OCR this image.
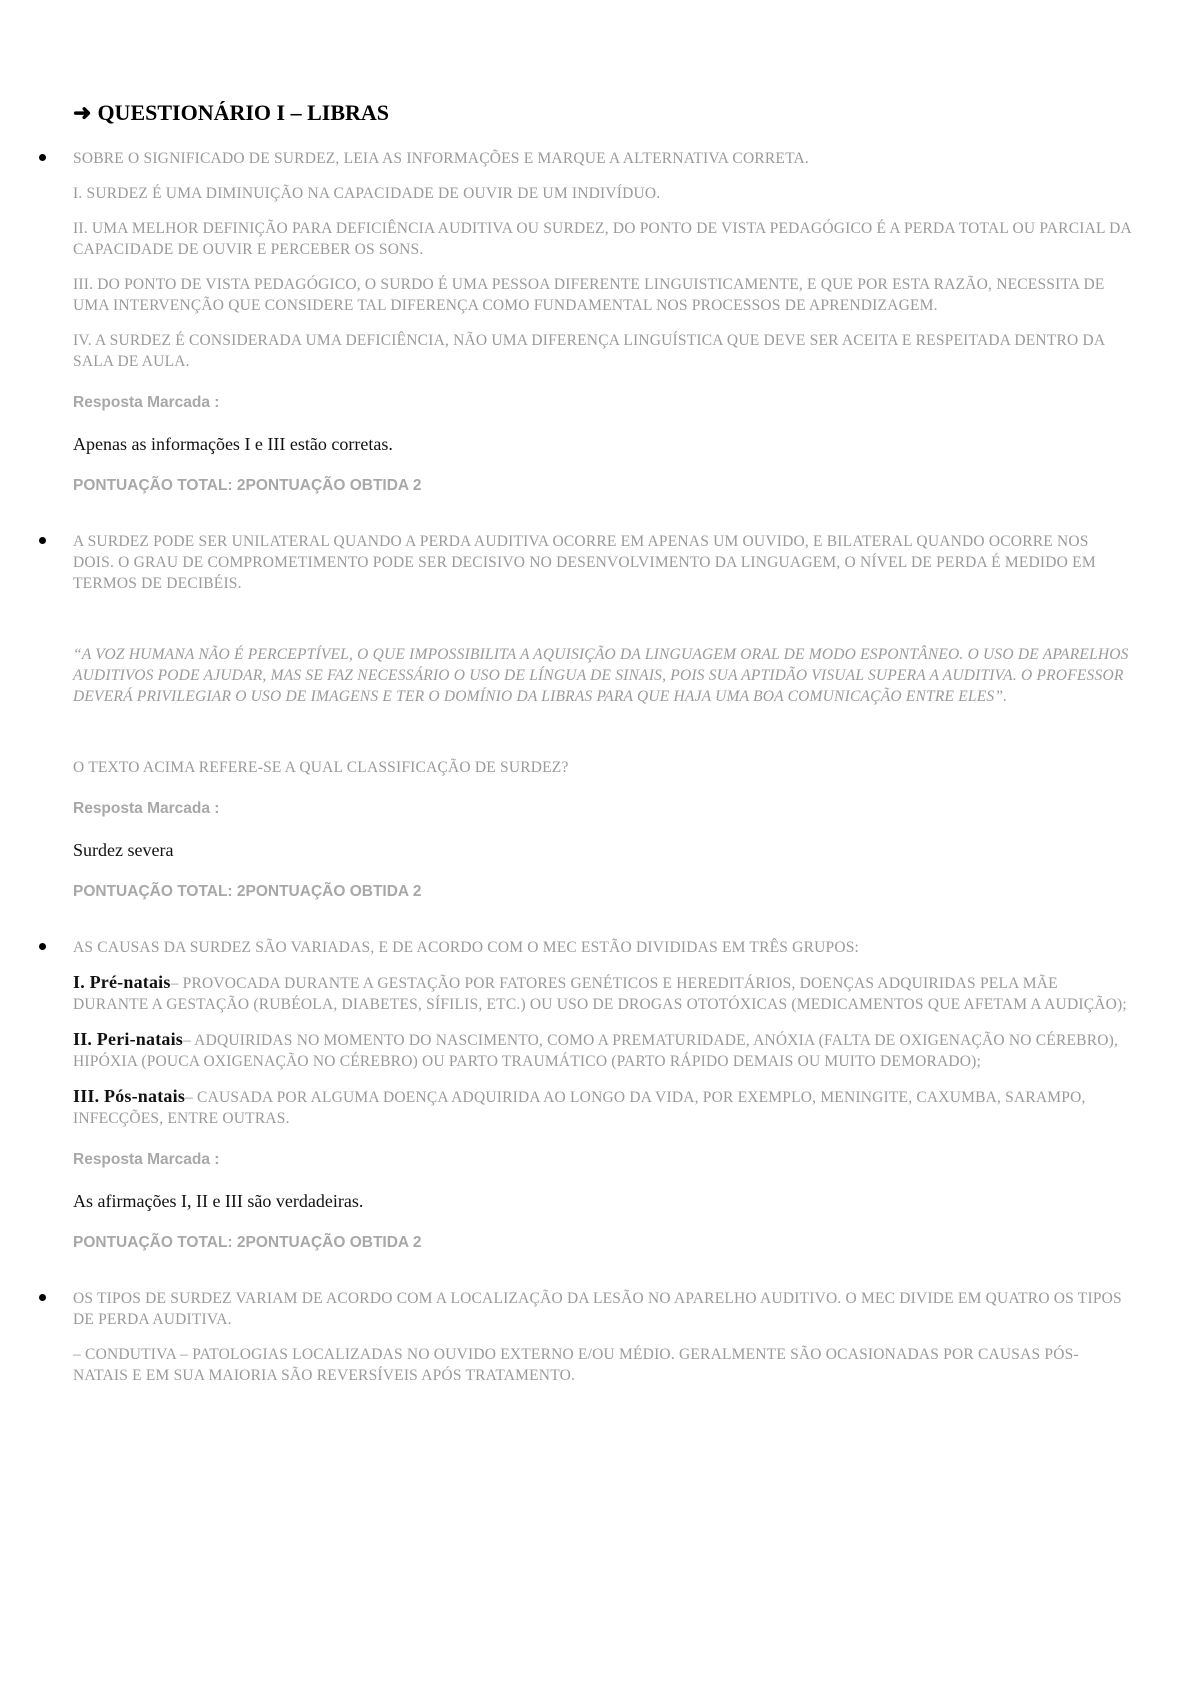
➜ QUESTIONÁRIO I – LIBRAS

SOBRE O SIGNIFICADO DE SURDEZ, LEIA AS INFORMAÇÕES E MARQUE A ALTERNATIVA CORRETA.

I. SURDEZ É UMA DIMINUIÇÃO NA CAPACIDADE DE OUVIR DE UM INDIVÍDUO.

II. UMA MELHOR DEFINIÇÃO PARA DEFICIÊNCIA AUDITIVA OU SURDEZ, DO PONTO DE VISTA PEDAGÓGICO É A PERDA TOTAL OU PARCIAL DA CAPACIDADE DE OUVIR E PERCEBER OS SONS.

III. DO PONTO DE VISTA PEDAGÓGICO, O SURDO É UMA PESSOA DIFERENTE LINGUISTICAMENTE, E QUE POR ESTA RAZÃO, NECESSITA DE UMA INTERVENÇÃO QUE CONSIDERE TAL DIFERENÇA COMO FUNDAMENTAL NOS PROCESSOS DE APRENDIZAGEM.

IV. A SURDEZ É CONSIDERADA UMA DEFICIÊNCIA, NÃO UMA DIFERENÇA LINGUÍSTICA QUE DEVE SER ACEITA E RESPEITADA DENTRO DA SALA DE AULA.

Resposta Marcada :
Apenas as informações I e III estão corretas.
PONTUAÇÃO TOTAL: 2PONTUAÇÃO OBTIDA 2

A SURDEZ PODE SER UNILATERAL QUANDO A PERDA AUDITIVA OCORRE EM APENAS UM OUVIDO, E BILATERAL QUANDO OCORRE NOS DOIS. O GRAU DE COMPROMETIMENTO PODE SER DECISIVO NO DESENVOLVIMENTO DA LINGUAGEM, O NÍVEL DE PERDA É MEDIDO EM TERMOS DE DECIBÉIS.

“A VOZ HUMANA NÃO É PERCEPTÍVEL, O QUE IMPOSSIBILITA A AQUISIÇÃO DA LINGUAGEM ORAL DE MODO ESPONTÂNEO. O USO DE APARELHOS AUDITIVOS PODE AJUDAR, MAS SE FAZ NECESSÁRIO O USO DE LÍNGUA DE SINAIS, POIS SUA APTIDÃO VISUAL SUPERA A AUDITIVA. O PROFESSOR DEVERÁ PRIVILEGIAR O USO DE IMAGENS E TER O DOMÍNIO DA LIBRAS PARA QUE HAJA UMA BOA COMUNICAÇÃO ENTRE ELES”.

O TEXTO ACIMA REFERE-SE A QUAL CLASSIFICAÇÃO DE SURDEZ?

Resposta Marcada :
Surdez severa
PONTUAÇÃO TOTAL: 2PONTUAÇÃO OBTIDA 2

AS CAUSAS DA SURDEZ SÃO VARIADAS, E DE ACORDO COM O MEC ESTÃO DIVIDIDAS EM TRÊS GRUPOS:

I. Pré-natais– PROVOCADA DURANTE A GESTAÇÃO POR FATORES GENÉTICOS E HEREDITÁRIOS, DOENÇAS ADQUIRIDAS PELA MÃE DURANTE A GESTAÇÃO (RUBÉOLA, DIABETES, SÍFILIS, ETC.) OU USO DE DROGAS OTOTÓXICAS (MEDICAMENTOS QUE AFETAM A AUDIÇÃO);

II. Peri-natais– ADQUIRIDAS NO MOMENTO DO NASCIMENTO, COMO A PREMATURIDADE, ANÓXIA (FALTA DE OXIGENAÇÃO NO CÉREBRO), HIPÓXIA (POUCA OXIGENAÇÃO NO CÉREBRO) OU PARTO TRAUMÁTICO (PARTO RÁPIDO DEMAIS OU MUITO DEMORADO);

III. Pós-natais– CAUSADA POR ALGUMA DOENÇA ADQUIRIDA AO LONGO DA VIDA, POR EXEMPLO, MENINGITE, CAXUMBA, SARAMPO, INFECÇÕES, ENTRE OUTRAS.

Resposta Marcada :
As afirmações I, II e III são verdadeiras.
PONTUAÇÃO TOTAL: 2PONTUAÇÃO OBTIDA 2

OS TIPOS DE SURDEZ VARIAM DE ACORDO COM A LOCALIZAÇÃO DA LESÃO NO APARELHO AUDITIVO. O MEC DIVIDE EM QUATRO OS TIPOS DE PERDA AUDITIVA.

– CONDUTIVA – PATOLOGIAS LOCALIZADAS NO OUVIDO EXTERNO E/OU MÉDIO. GERALMENTE SÃO OCASIONADAS POR CAUSAS PÓS-NATAIS E EM SUA MAIORIA SÃO REVERSÍVEIS APÓS TRATAMENTO.
